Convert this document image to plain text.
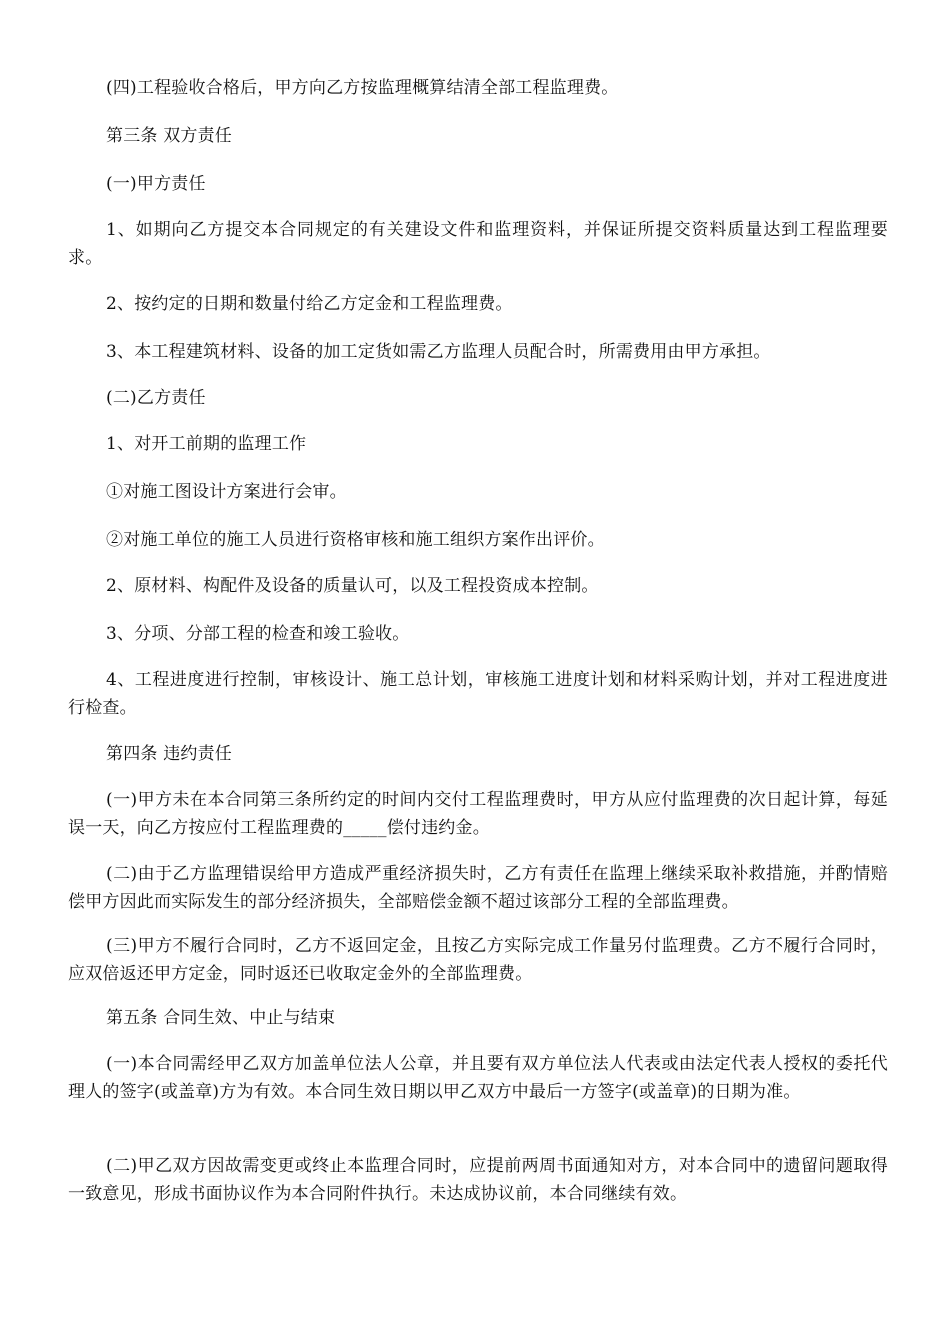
(四)工程验收合格后，甲方向乙方按监理概算结清全部工程监理费。

第三条 双方责任

(一)甲方责任

1、如期向乙方提交本合同规定的有关建设文件和监理资料，并保证所提交资料质量达到工程监理要求。

2、按约定的日期和数量付给乙方定金和工程监理费。

3、本工程建筑材料、设备的加工定货如需乙方监理人员配合时，所需费用由甲方承担。

(二)乙方责任

1、对开工前期的监理工作

①对施工图设计方案进行会审。

②对施工单位的施工人员进行资格审核和施工组织方案作出评价。

2、原材料、构配件及设备的质量认可，以及工程投资成本控制。

3、分项、分部工程的检查和竣工验收。

4、工程进度进行控制，审核设计、施工总计划，审核施工进度计划和材料采购计划，并对工程进度进行检查。

第四条 违约责任

(一)甲方未在本合同第三条所约定的时间内交付工程监理费时，甲方从应付监理费的次日起计算，每延误一天，向乙方按应付工程监理费的_____偿付违约金。

(二)由于乙方监理错误给甲方造成严重经济损失时，乙方有责任在监理上继续采取补救措施，并酌情赔偿甲方因此而实际发生的部分经济损失，全部赔偿金额不超过该部分工程的全部监理费。

(三)甲方不履行合同时，乙方不返回定金，且按乙方实际完成工作量另付监理费。乙方不履行合同时，应双倍返还甲方定金，同时返还已收取定金外的全部监理费。

第五条 合同生效、中止与结束

(一)本合同需经甲乙双方加盖单位法人公章，并且要有双方单位法人代表或由法定代表人授权的委托代理人的签字(或盖章)方为有效。本合同生效日期以甲乙双方中最后一方签字(或盖章)的日期为准。

(二)甲乙双方因故需变更或终止本监理合同时，应提前两周书面通知对方，对本合同中的遗留问题取得一致意见，形成书面协议作为本合同附件执行。未达成协议前，本合同继续有效。
